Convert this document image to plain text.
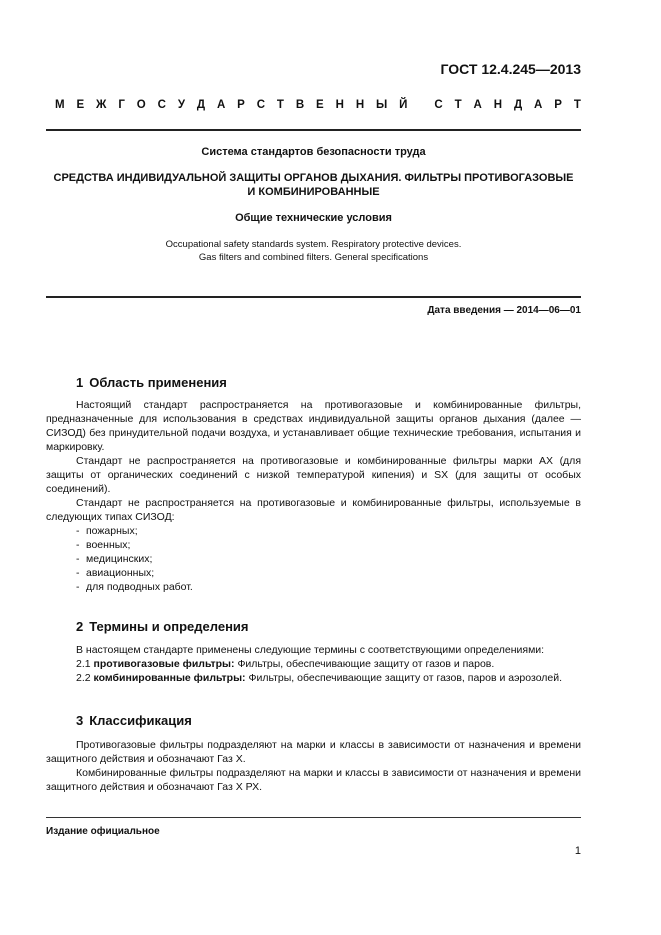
ГОСТ 12.4.245—2013
М Е Ж Г О С У Д А Р С Т В Е Н Н Ы Й
С Т А Н Д А Р Т
Система стандартов безопасности труда
СРЕДСТВА ИНДИВИДУАЛЬНОЙ ЗАЩИТЫ ОРГАНОВ ДЫХАНИЯ. ФИЛЬТРЫ ПРОТИВОГАЗОВЫЕ
И КОМБИНИРОВАННЫЕ
Общие технические условия
Occupational safety standards system. Respiratory protective devices.
Gas filters and combined filters. General specifications
Дата введения — 2014—06—01
1 Область применения

Настоящий стандарт распространяется на противогазовые и комбинированные фильтры, предназначенные для использования в средствах индивидуальной защиты органов дыхания (далее — СИЗОД) без принудительной подачи воздуха, и устанавливает общие технические требования, испытания и маркировку.

Стандарт не распространяется на противогазовые и комбинированные фильтры марки АХ (для защиты от органических соединений с низкой температурой кипения) и SX (для защиты от особых соединений).

Стандарт не распространяется на противогазовые и комбинированные фильтры, используемые в следующих типах СИЗОД:

- пожарных;
- военных;
- медицинских;
- авиационных;
- для подводных работ.
2 Термины и определения

В настоящем стандарте применены следующие термины с соответствующими определениями:

2.1 противогазовые фильтры: Фильтры, обеспечивающие защиту от газов и паров.

2.2 комбинированные фильтры: Фильтры, обеспечивающие защиту от газов, паров и аэрозолей.

3 Классификация

Противогазовые фильтры подразделяют на марки и классы в зависимости от назначения и времени защитного действия и обозначают Газ Х.

Комбинированные фильтры подразделяют на марки и классы в зависимости от назначения и времени защитного действия и обозначают Газ Х РХ.

Издание официальное
1
